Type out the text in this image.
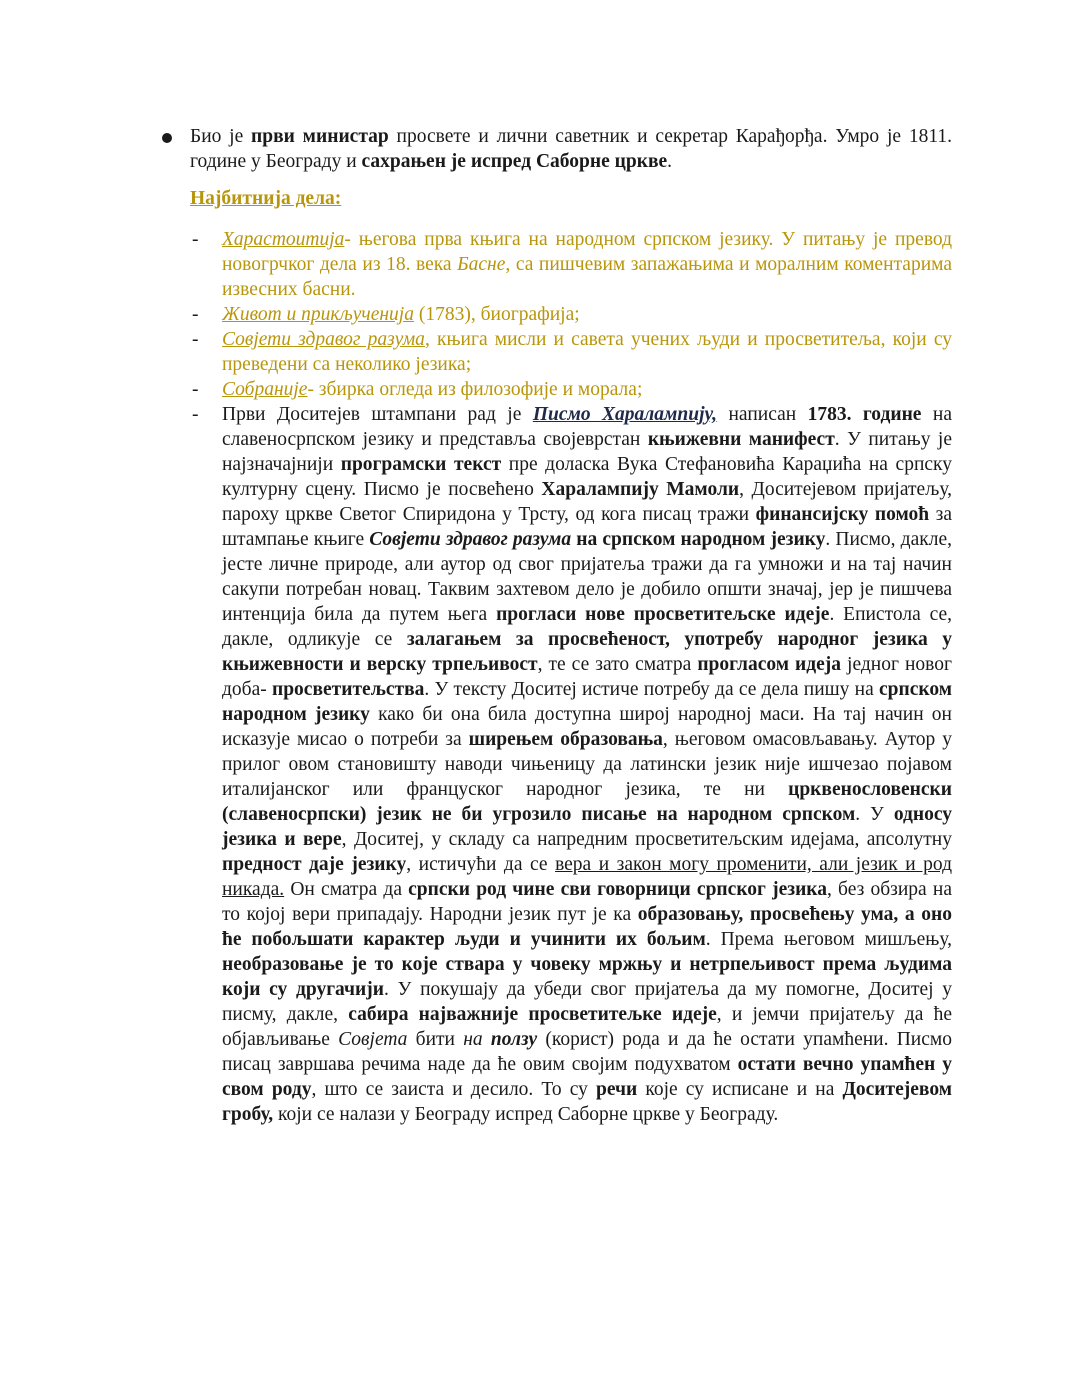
Био је први министар просвете и лични саветник и секретар Карађорђа. Умро је 1811. године у Београду и сахрањен је испред Саборне цркве.
Најбитнија дела:
- Харастоитија- његова прва књига на народном српском језику. У питању је превод новогрчког дела из 18. века Басне, са пишчевим запажањима и моралним коментарима извесних басни.
- Живот и прикљученија (1783), биографија;
- Совјети здравог разума, књига мисли и савета учених људи и просветитеља, који су преведени са неколико језика;
- Собраније- збирка огледа из филозофије и морала;
- Први Доситејев штампани рад је Писмо Харалампију, написан 1783. године на славеносрпском језику и представља својеврстан књижевни манифест. У питању је најзначајнији програмски текст пре доласка Вука Стефановића Караџића на српску културну сцену. Писмо је посвећено Харалампију Мамоли, Доситејевом пријатељу, пароху цркве Светог Спиридона у Трсту, од кога писац тражи финансијску помоћ за штампање књиге Совјети здравог разума на српском народном језику. Писмо, дакле, јесте личне природе, али аутор од свог пријатеља тражи да га умножи и на тај начин сакупи потребан новац. Таквим захтевом дело је добило општи значај, јер је пишчева интенција била да путем њега прогласи нове просветитељске идеје. Епистола се, дакле, одликује се залагањем за просвећеност, употребу народног језика у књижевности и верску трпељивост, те се зато сматра прогласом идеја једног новог доба- просветитељства. У тексту Доситеј истиче потребу да се дела пишу на српском народном језику како би она била доступна широј народној маси. На тај начин он исказује мисао о потреби за ширењем образовања, његовом омасовљавању. Аутор у прилог овом становишту наводи чињеницу да латински језик није ишчезао појавом италијанског или француског народног језика, те ни црквенословенски (славеносрпски) језик не би угрозило писање на народном српском. У односу језика и вере, Доситеј, у складу са напредним просветитељским идејама, апсолутну предност даје језику, истичући да се вера и закон могу променити, али језик и род никада. Он сматра да српски род чине сви говорници српског језика, без обзира на то којој вери припадају. Народни језик пут је ка образовању, просвећењу ума, а оно ће побољшати карактер људи и учинити их бољим. Према његовом мишљењу, необразовање је то које ствара у човеку мржњу и нетрпељивост према људима који су другачији. У покушају да убеди свог пријатеља да му помогне, Доситеј у писму, дакле, сабира најважније просветитељке идеје, и јемчи пријатељу да ће објављивање Совјета бити на ползу (корист) рода и да ће остати упамћени. Писмо писац завршава речима наде да ће овим својим подухватом остати вечно упамћен у свом роду, што се заиста и десило. То су речи које су исписане и на Доситејевом гробу, који се налази у Београду испред Саборне цркве у Београду.
